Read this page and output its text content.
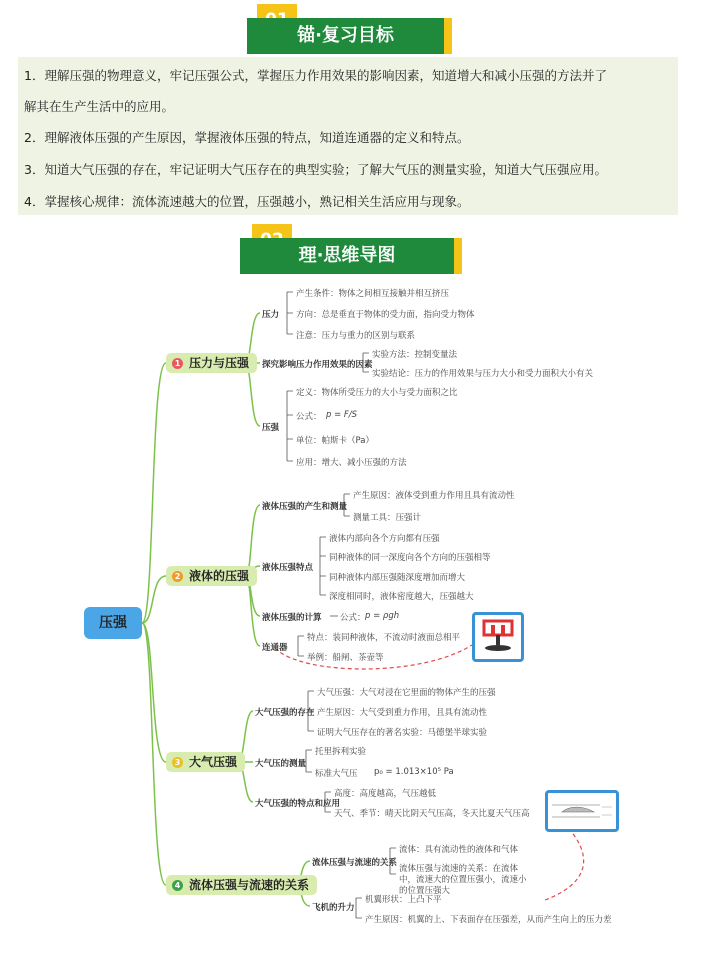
锚·复习目标
1．理解压强的物理意义，牢记压强公式，掌握压力作用效果的影响因素，知道增大和减小压强的方法并了
解其在生产生活中的应用。
2．理解液体压强的产生原因，掌握液体压强的特点，知道连通器的定义和特点。
3．知道大气压强的存在，牢记证明大气压存在的典型实验；了解大气压的测量实验，知道大气压强应用。
4．掌握核心规律：流体流速越大的位置，压强越小，熟记相关生活应用与现象。
理·思维导图
压强
1 压力与压强
压力
产生条件：物体之间相互接触并相互挤压
方向：总是垂直于物体的受力面，指向受力物体
注意：压力与重力的区别与联系
探究影响压力作用效果的因素
实验方法：控制变量法
实验结论：压力的作用效果与压力大小和受力面积大小有关
压强
定义：物体所受压力的大小与受力面积之比
公式： p = F/S
单位：帕斯卡（Pa）
应用：增大、减小压强的方法
2 液体的压强
液体压强的产生和测量
产生原因：液体受到重力作用且具有流动性
测量工具：压强计
液体压强特点
液体内部向各个方向都有压强
同种液体的同一深度向各个方向的压强相等
同种液体内部压强随深度增加而增大
深度相同时，液体密度越大，压强越大
液体压强的计算 公式： p = ρgh
连通器
特点：装同种液体，不流动时液面总相平
举例：船闸、茶壶等
3 大气压强
大气压强的存在
大气压强：大气对浸在它里面的物体产生的压强
产生原因：大气受到重力作用，且具有流动性
证明大气压存在的著名实验：马德堡半球实验
大气压的测量
托里拆利实验
标准大气压 p₀ = 1.013×10⁵ Pa
大气压强的特点和应用
高度：高度越高，气压越低
天气、季节：晴天比阴天气压高，冬天比夏天气压高
4 流体压强与流速的关系
流体压强与流速的关系
流体：具有流动性的液体和气体
流体压强与流速的关系：在流体中，流速大的位置压强小，流速小的位置压强大
飞机的升力
机翼形状：上凸下平
产生原因：机翼的上、下表面存在压强差，从而产生向上的压力差
